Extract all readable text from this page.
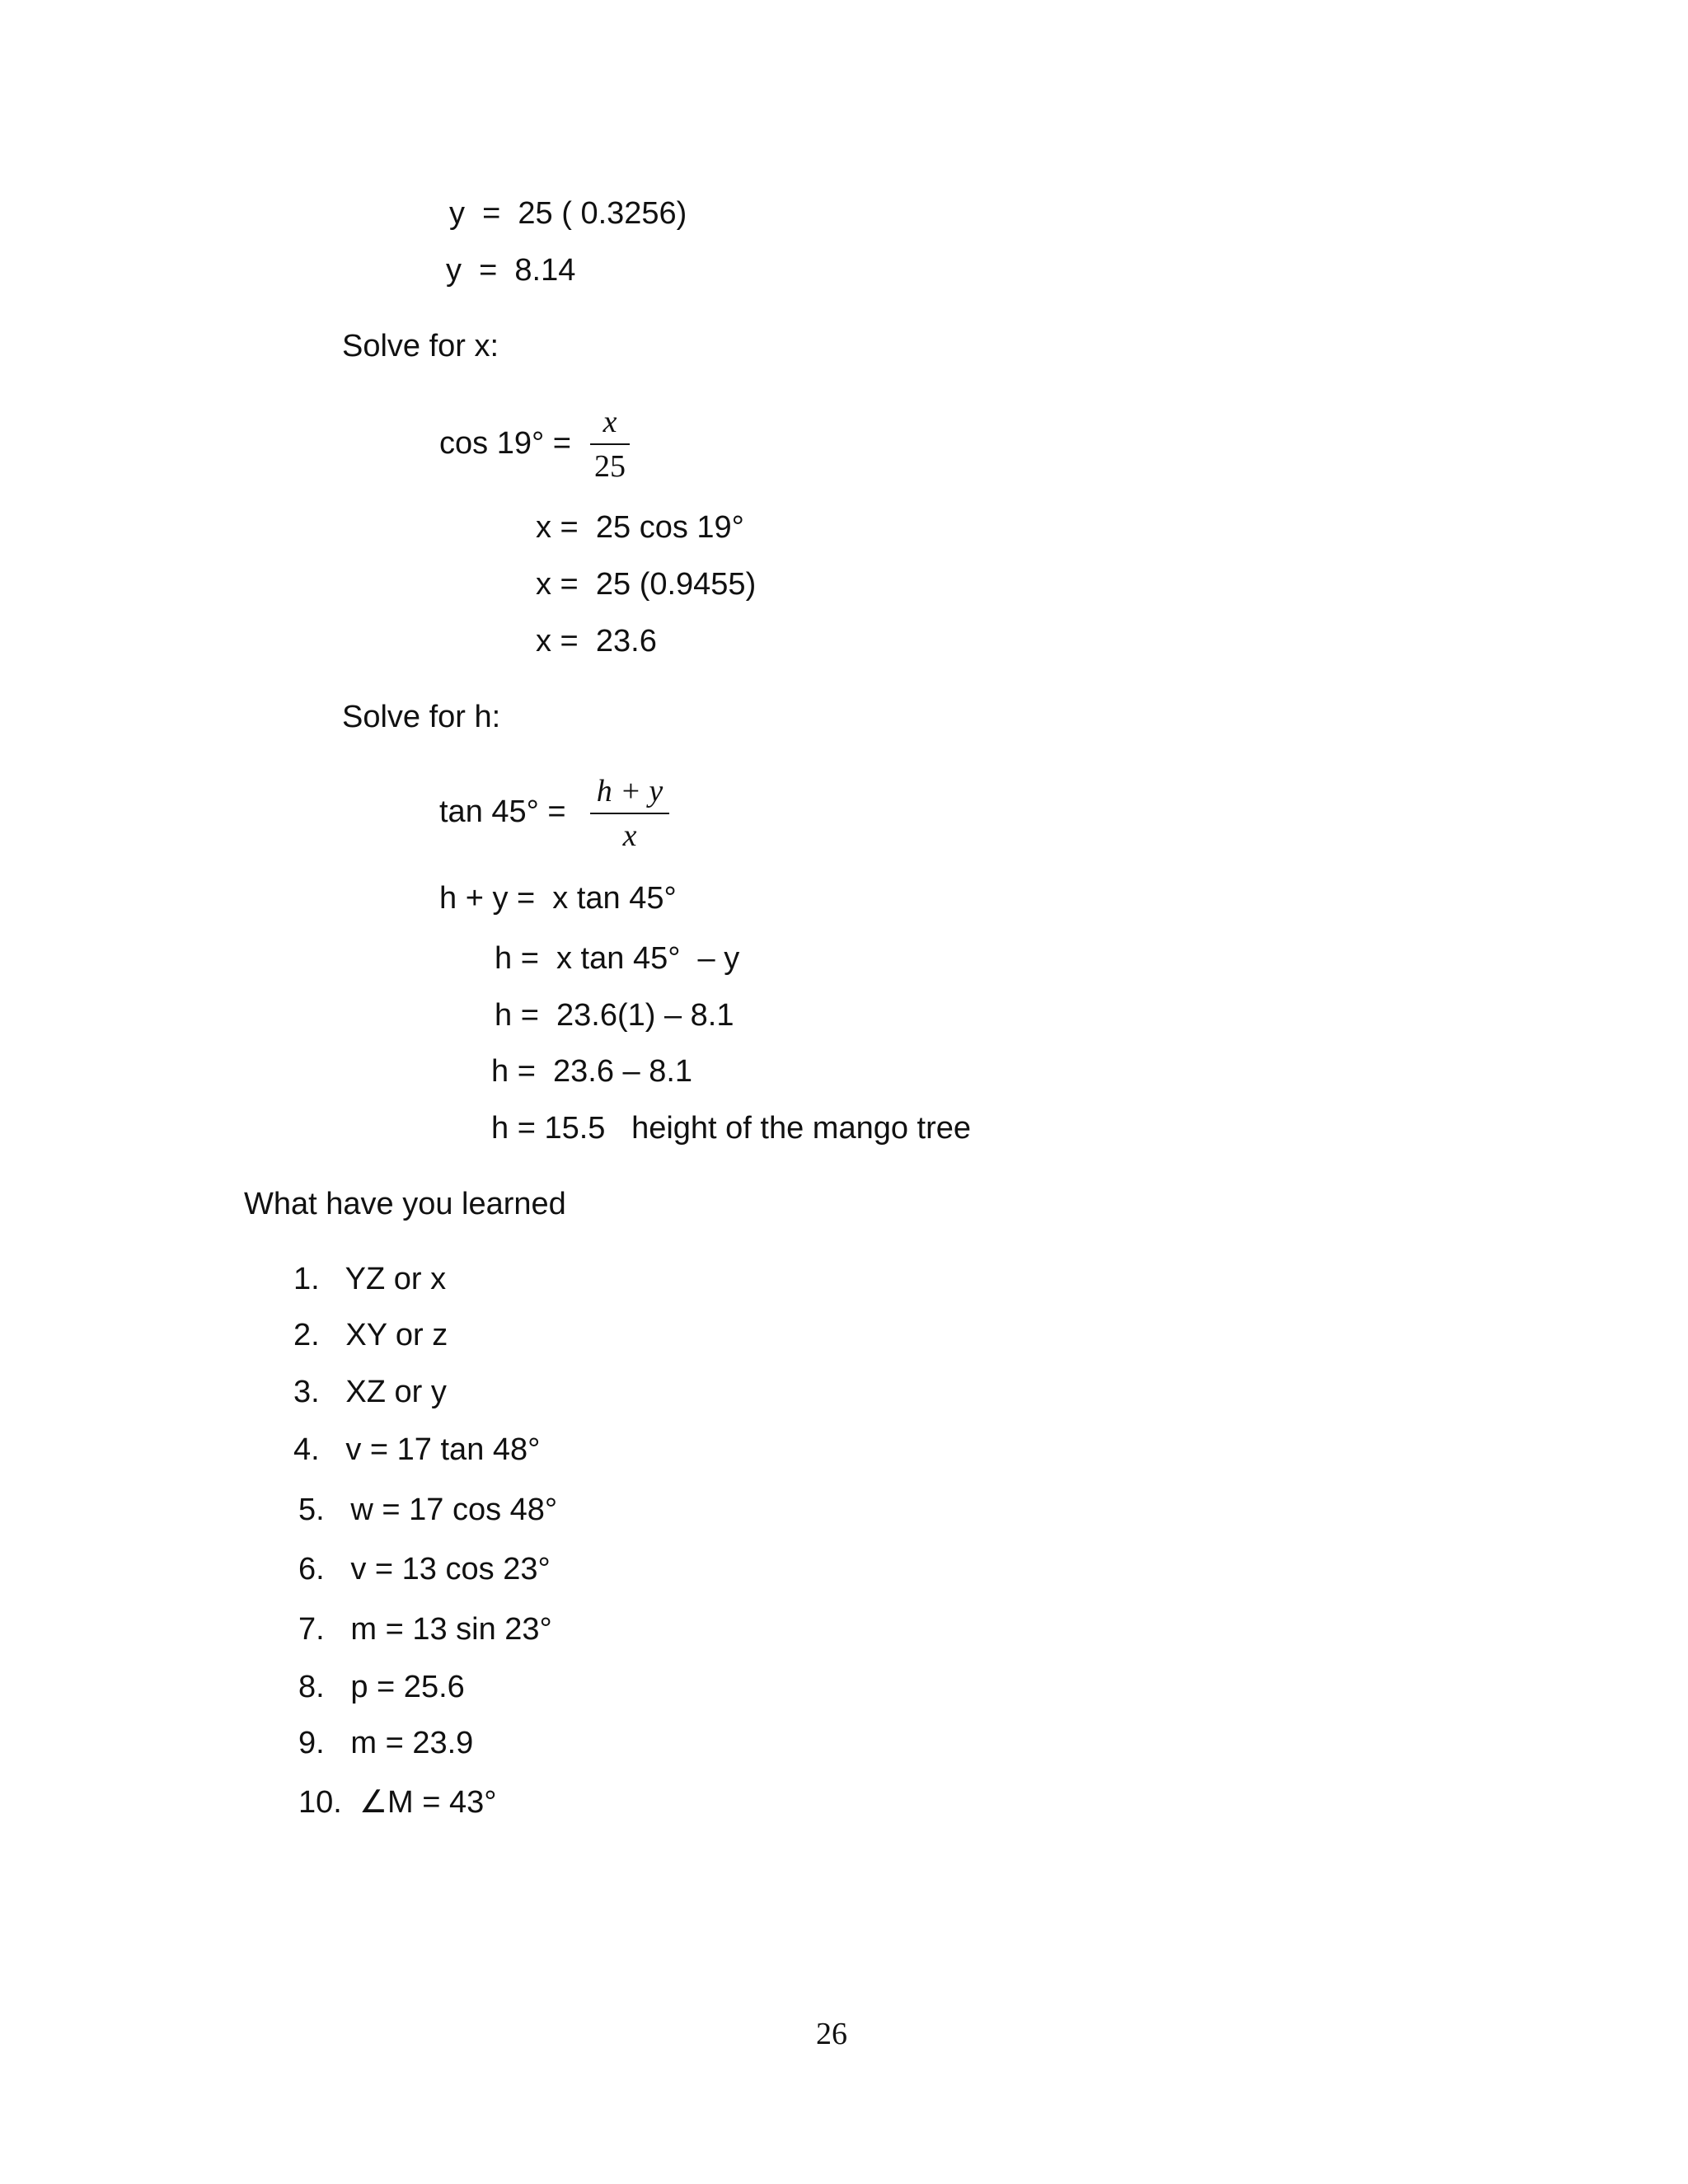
y  =  25 ( 0.3256)
y  =  8.14
Solve for x:
cos 19° =
x
25
x =  25 cos 19°
x =  25 (0.9455)
x =  23.6
Solve for h:
tan 45° =
h + y
x
h + y =  x tan 45°
h =  x tan 45°  – y
h =  23.6(1) – 8.1
h =  23.6 – 8.1
h = 15.5   height of the mango tree
What have you learned
1.   YZ or x
2.   XY or z
3.   XZ or y
4.   v = 17 tan 48°
5.   w = 17 cos 48°
6.   v = 13 cos 23°
7.   m = 13 sin 23°
8.   p = 25.6
9.   m = 23.9
10.  ∠M = 43°
26
